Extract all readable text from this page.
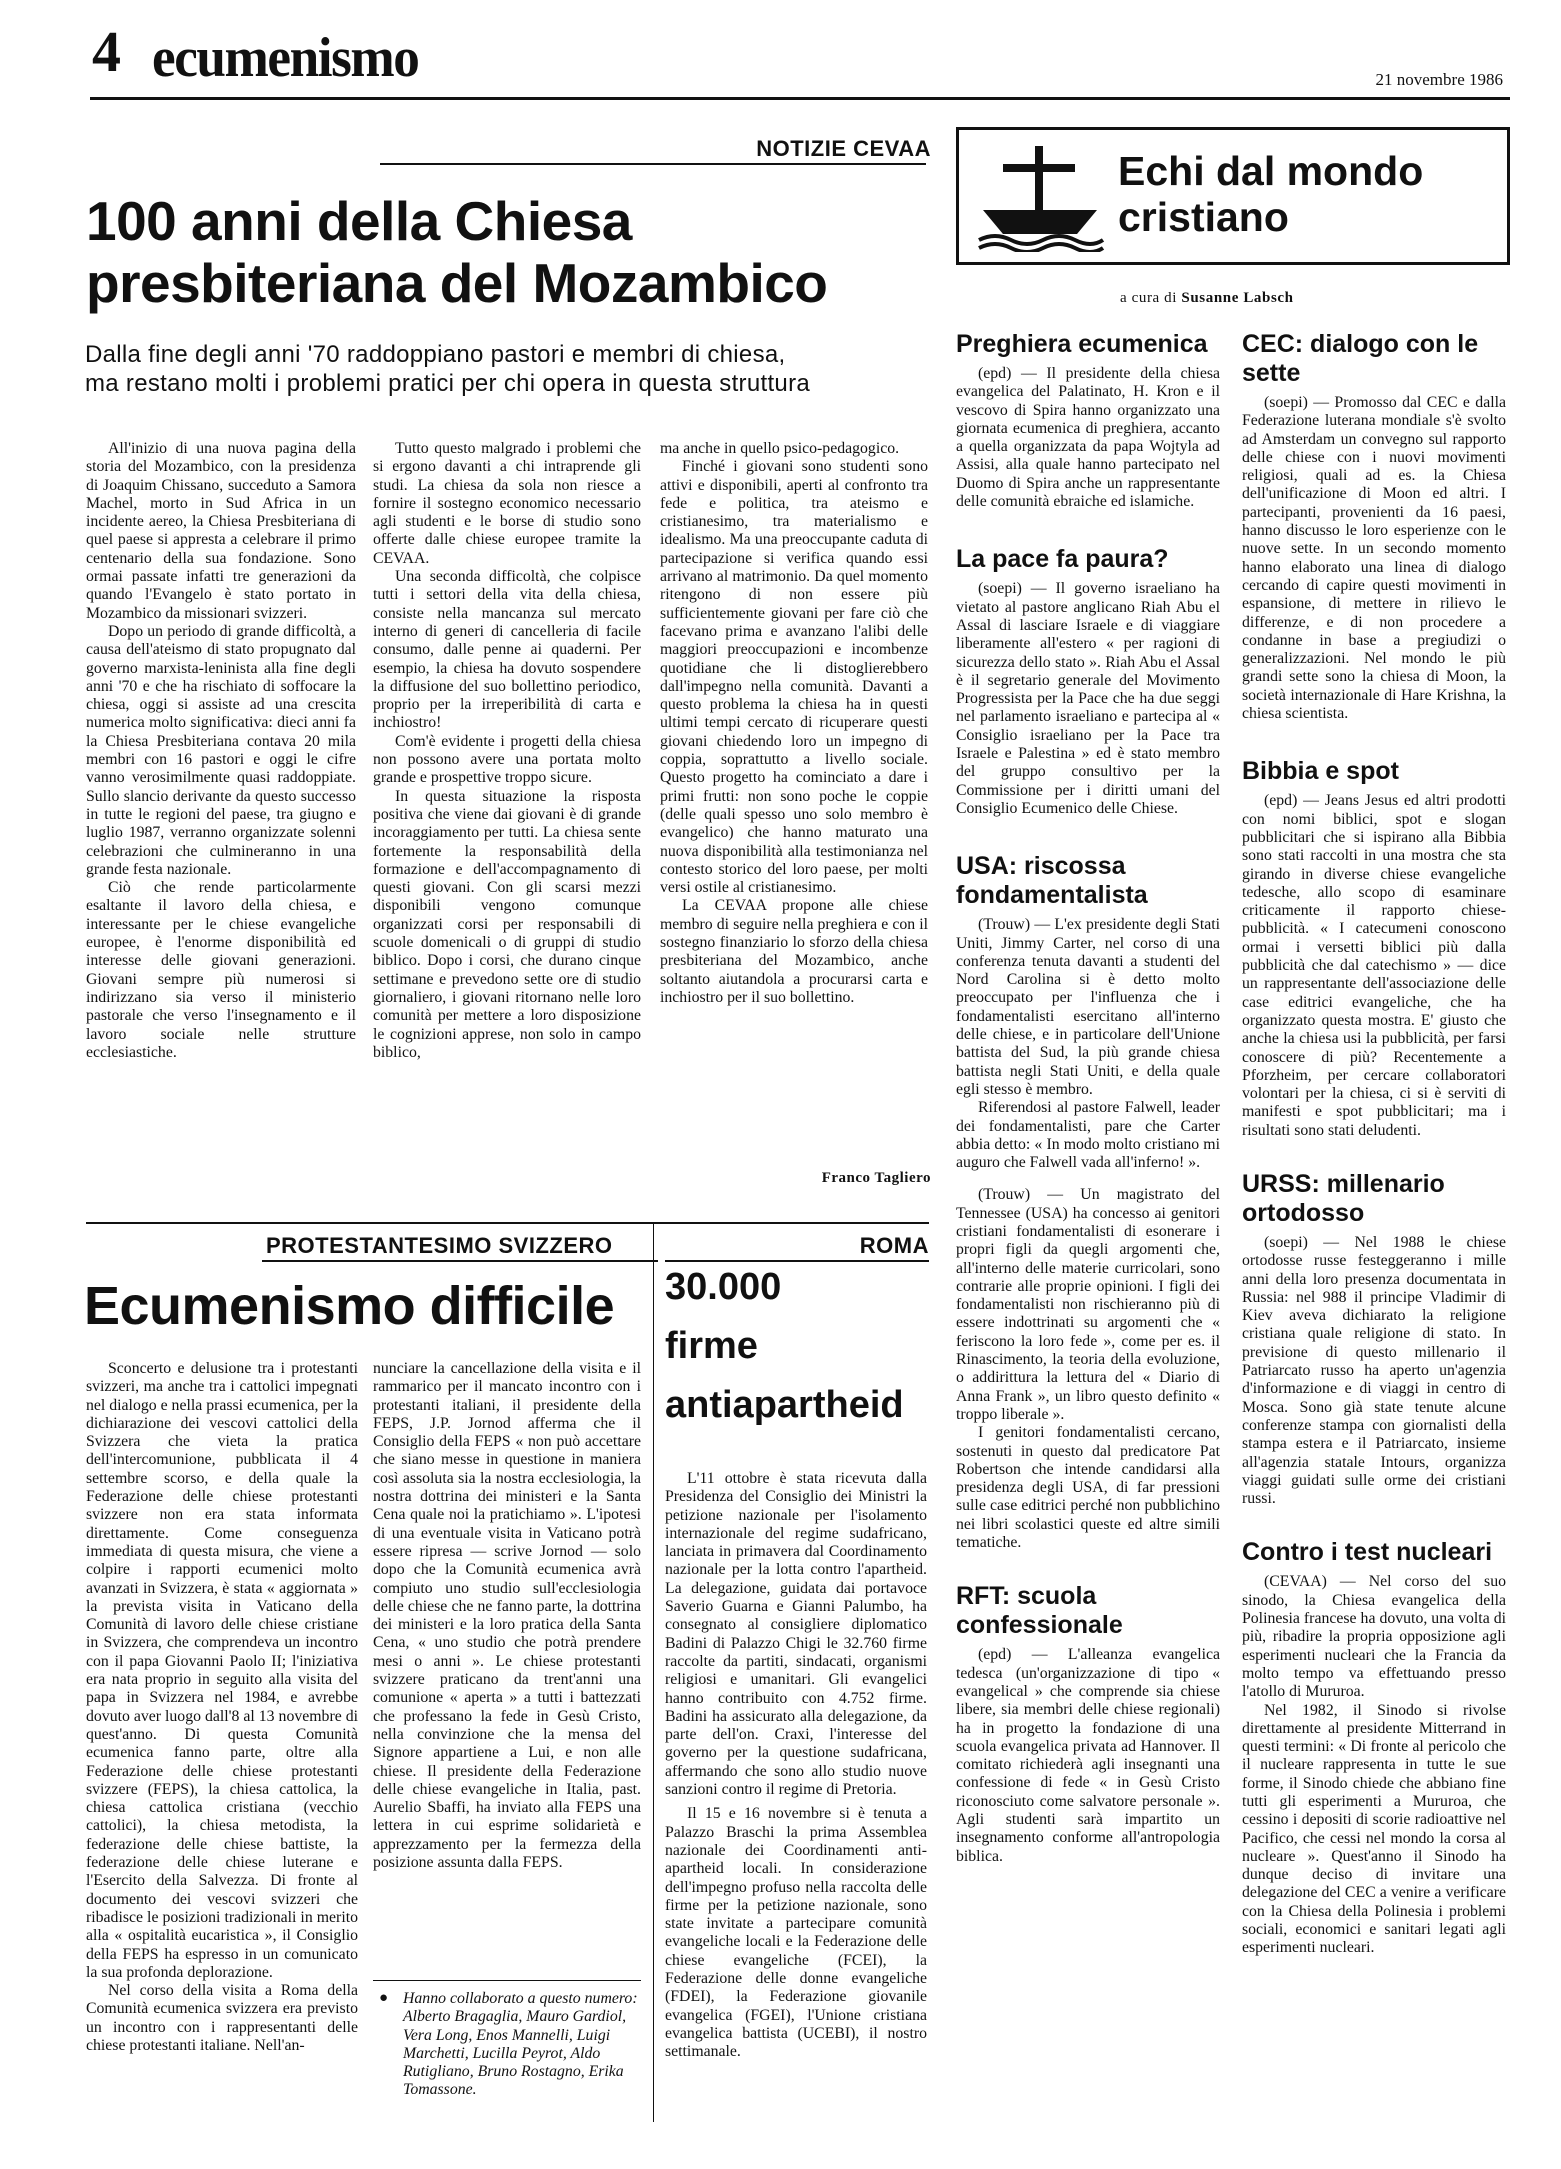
4 ecumenismo	21 novembre 1986
NOTIZIE CEVAA
100 anni della Chiesa
presbiteriana del Mozambico
Dalla fine degli anni '70 raddoppiano pastori e membri di chiesa,
ma restano molti i problemi pratici per chi opera in questa struttura

All'inizio di una nuova pagina della storia del Mozambico, con la presidenza di Joaquim Chissano, succeduto a Samora Machel, morto in Sud Africa in un incidente aereo, la Chiesa Presbiteriana di quel paese si appresta a celebrare il primo centenario della sua fondazione. Sono ormai passate infatti tre generazioni da quando l'Evangelo è stato portato in Mozambico da missionari svizzeri.

Dopo un periodo di grande difficoltà, a causa dell'ateismo di stato propugnato dal governo marxista-leninista alla fine degli anni '70 e che ha rischiato di soffocare la chiesa, oggi si assiste ad una crescita numerica molto significativa: dieci anni fa la Chiesa Presbiteriana contava 20 mila membri con 16 pastori e oggi le cifre vanno verosimilmente quasi raddoppiate. Sullo slancio derivante da questo successo in tutte le regioni del paese, tra giugno e luglio 1987, verranno organizzate solenni celebrazioni che culmineranno in una grande festa nazionale.

Ciò che rende particolarmente esaltante il lavoro della chiesa, e interessante per le chiese evangeliche europee, è l'enorme disponibilità ed interesse delle giovani generazioni. Giovani sempre più numerosi si indirizzano sia verso il ministerio pastorale che verso l'insegnamento e il lavoro sociale nelle strutture ecclesiastiche.

Tutto questo malgrado i problemi che si ergono davanti a chi intraprende gli studi. La chiesa da sola non riesce a fornire il sostegno economico necessario agli studenti e le borse di studio sono offerte dalle chiese europee tramite la CEVAA.

Una seconda difficoltà, che colpisce tutti i settori della vita della chiesa, consiste nella mancanza sul mercato interno di generi di cancelleria di facile consumo, dalle penne ai quaderni. Per esempio, la chiesa ha dovuto sospendere la diffusione del suo bollettino periodico, proprio per la irreperibilità di carta e inchiostro!

Com'è evidente i progetti della chiesa non possono avere una portata molto grande e prospettive troppo sicure.

In questa situazione la risposta positiva che viene dai giovani è di grande incoraggiamento per tutti. La chiesa sente fortemente la responsabilità della formazione e dell'accompagnamento di questi giovani. Con gli scarsi mezzi disponibili vengono comunque organizzati corsi per responsabili di scuole domenicali o di gruppi di studio biblico. Dopo i corsi, che durano cinque settimane e prevedono sette ore di studio giornaliero, i giovani ritornano nelle loro comunità per mettere a loro disposizione le cognizioni apprese, non solo in campo biblico,

ma anche in quello psico-pedagogico.

Finché i giovani sono studenti sono attivi e disponibili, aperti al confronto tra fede e politica, tra ateismo e cristianesimo, tra materialismo e idealismo. Ma una preoccupante caduta di partecipazione si verifica quando essi arrivano al matrimonio. Da quel momento ritengono di non essere più sufficientemente giovani per fare ciò che facevano prima e avanzano l'alibi delle maggiori preoccupazioni e incombenze quotidiane che li distoglierebbero dall'impegno nella comunità. Davanti a questo problema la chiesa ha in questi ultimi tempi cercato di ricuperare questi giovani chiedendo loro un impegno di coppia, soprattutto a livello sociale. Questo progetto ha cominciato a dare i primi frutti: non sono poche le coppie (delle quali spesso uno solo membro è evangelico) che hanno maturato una nuova disponibilità alla testimonianza nel contesto storico del loro paese, per molti versi ostile al cristianesimo.

La CEVAA propone alle chiese membro di seguire nella preghiera e con il sostegno finanziario lo sforzo della chiesa presbiteriana del Mozambico, anche soltanto aiutandola a procurarsi carta e inchiostro per il suo bollettino.

Franco Tagliero
PROTESTANTESIMO SVIZZERO
Ecumenismo difficile

Sconcerto e delusione tra i protestanti svizzeri, ma anche tra i cattolici impegnati nel dialogo e nella prassi ecumenica, per la dichiarazione dei vescovi cattolici della Svizzera che vieta la pratica dell'intercomunione, pubblicata il 4 settembre scorso, e della quale la Federazione delle chiese protestanti svizzere non era stata informata direttamente. Come conseguenza immediata di questa misura, che viene a colpire i rapporti ecumenici molto avanzati in Svizzera, è stata « aggiornata » la prevista visita in Vaticano della Comunità di lavoro delle chiese cristiane in Svizzera, che comprendeva un incontro con il papa Giovanni Paolo II; l'iniziativa era nata proprio in seguito alla visita del papa in Svizzera nel 1984, e avrebbe dovuto aver luogo dall'8 al 13 novembre di quest'anno. Di questa Comunità ecumenica fanno parte, oltre alla Federazione delle chiese protestanti svizzere (FEPS), la chiesa cattolica, la chiesa cattolica cristiana (vecchio cattolici), la chiesa metodista, la federazione delle chiese battiste, la federazione delle chiese luterane e l'Esercito della Salvezza. Di fronte al documento dei vescovi svizzeri che ribadisce le posizioni tradizionali in merito alla « ospitalità eucaristica », il Consiglio della FEPS ha espresso in un comunicato la sua profonda deplorazione.

Nel corso della visita a Roma della Comunità ecumenica svizzera era previsto un incontro con i rappresentanti delle chiese protestanti italiane. Nell'an-

nunciare la cancellazione della visita e il rammarico per il mancato incontro con i protestanti italiani, il presidente della FEPS, J.P. Jornod afferma che il Consiglio della FEPS « non può accettare che siano messe in questione in maniera così assoluta sia la nostra ecclesiologia, la nostra dottrina dei ministeri e la Santa Cena quale noi la pratichiamo ». L'ipotesi di una eventuale visita in Vaticano potrà essere ripresa — scrive Jornod — solo dopo che la Comunità ecumenica avrà compiuto uno studio sull'ecclesiologia delle chiese che ne fanno parte, la dottrina dei ministeri e la loro pratica della Santa Cena, « uno studio che potrà prendere mesi o anni ». Le chiese protestanti svizzere praticano da trent'anni una comunione « aperta » a tutti i battezzati che professano la fede in Gesù Cristo, nella convinzione che la mensa del Signore appartiene a Lui, e non alle chiese. Il presidente della Federazione delle chiese evangeliche in Italia, past. Aurelio Sbaffi, ha inviato alla FEPS una lettera in cui esprime solidarietà e apprezzamento per la fermezza della posizione assunta dalla FEPS.

● Hanno collaborato a questo numero: Alberto Bragaglia, Mauro Gardiol, Vera Long, Enos Mannelli, Luigi Marchetti, Lucilla Peyrot, Aldo Rutigliano, Bruno Rostagno, Erika Tomassone.
ROMA
30.000
firme
antiapartheid

L'11 ottobre è stata ricevuta dalla Presidenza del Consiglio dei Ministri la petizione nazionale per l'isolamento internazionale del regime sudafricano, lanciata in primavera dal Coordinamento nazionale per la lotta contro l'apartheid. La delegazione, guidata dai portavoce Saverio Guarna e Gianni Palumbo, ha consegnato al consigliere diplomatico Badini di Palazzo Chigi le 32.760 firme raccolte da partiti, sindacati, organismi religiosi e umanitari. Gli evangelici hanno contribuito con 4.752 firme. Badini ha assicurato alla delegazione, da parte dell'on. Craxi, l'interesse del governo per la questione sudafricana, affermando che sono allo studio nuove sanzioni contro il regime di Pretoria.

Il 15 e 16 novembre si è tenuta a Palazzo Braschi la prima Assemblea nazionale dei Coordinamenti anti-apartheid locali. In considerazione dell'impegno profuso nella raccolta delle firme per la petizione nazionale, sono state invitate a partecipare comunità evangeliche locali e la Federazione delle chiese evangeliche (FCEI), la Federazione delle donne evangeliche (FDEI), la Federazione giovanile evangelica (FGEI), l'Unione cristiana evangelica battista (UCEBI), il nostro settimanale.

Echi dal mondo
cristiano
a cura di Susanne Labsch
Preghiera ecumenica

(epd) — Il presidente della chiesa evangelica del Palatinato, H. Kron e il vescovo di Spira hanno organizzato una giornata ecumenica di preghiera, accanto a quella organizzata da papa Wojtyla ad Assisi, alla quale hanno partecipato nel Duomo di Spira anche un rappresentante delle comunità ebraiche ed islamiche.

La pace fa paura?

(soepi) — Il governo israeliano ha vietato al pastore anglicano Riah Abu el Assal di lasciare Israele e di viaggiare liberamente all'estero « per ragioni di sicurezza dello stato ». Riah Abu el Assal è il segretario generale del Movimento Progressista per la Pace che ha due seggi nel parlamento israeliano e partecipa al « Consiglio israeliano per la Pace tra Israele e Palestina » ed è stato membro del gruppo consultivo per la Commissione per i diritti umani del Consiglio Ecumenico delle Chiese.

USA: riscossa fondamentalista

(Trouw) — L'ex presidente degli Stati Uniti, Jimmy Carter, nel corso di una conferenza tenuta davanti a studenti del Nord Carolina si è detto molto preoccupato per l'influenza che i fondamentalisti esercitano all'interno delle chiese, e in particolare dell'Unione battista del Sud, la più grande chiesa battista negli Stati Uniti, e della quale egli stesso è membro.

Riferendosi al pastore Falwell, leader dei fondamentalisti, pare che Carter abbia detto: « In modo molto cristiano mi auguro che Falwell vada all'inferno! ».

(Trouw) — Un magistrato del Tennessee (USA) ha concesso ai genitori cristiani fondamentalisti di esonerare i propri figli da quegli argomenti che, all'interno delle materie curricolari, sono contrarie alle proprie opinioni. I figli dei fondamentalisti non rischieranno più di essere indottrinati su argomenti che « feriscono la loro fede », come per es. il Rinascimento, la teoria della evoluzione, o addirittura la lettura del « Diario di Anna Frank », un libro questo definito « troppo liberale ».

I genitori fondamentalisti cercano, sostenuti in questo dal predicatore Pat Robertson che intende candidarsi alla presidenza degli USA, di far pressioni sulle case editrici perché non pubblichino nei libri scolastici queste ed altre simili tematiche.

RFT: scuola confessionale

(epd) — L'alleanza evangelica tedesca (un'organizzazione di tipo « evangelical » che comprende sia chiese libere, sia membri delle chiese regionali) ha in progetto la fondazione di una scuola evangelica privata ad Hannover. Il comitato richiederà agli insegnanti una confessione di fede « in Gesù Cristo riconosciuto come salvatore personale ». Agli studenti sarà impartito un insegnamento conforme all'antropologia biblica.

CEC: dialogo con le sette

(soepi) — Promosso dal CEC e dalla Federazione luterana mondiale s'è svolto ad Amsterdam un convegno sul rapporto delle chiese con i nuovi movimenti religiosi, quali ad es. la Chiesa dell'unificazione di Moon ed altri. I partecipanti, provenienti da 16 paesi, hanno discusso le loro esperienze con le nuove sette. In un secondo momento hanno elaborato una linea di dialogo cercando di capire questi movimenti in espansione, di mettere in rilievo le differenze, e di non procedere a condanne in base a pregiudizi o generalizzazioni. Nel mondo le più grandi sette sono la chiesa di Moon, la società internazionale di Hare Krishna, la chiesa scientista.

Bibbia e spot

(epd) — Jeans Jesus ed altri prodotti con nomi biblici, spot e slogan pubblicitari che si ispirano alla Bibbia sono stati raccolti in una mostra che sta girando in diverse chiese evangeliche tedesche, allo scopo di esaminare criticamente il rapporto chiese-pubblicità. « I catecumeni conoscono ormai i versetti biblici più dalla pubblicità che dal catechismo » — dice un rappresentante dell'associazione delle case editrici evangeliche, che ha organizzato questa mostra. E' giusto che anche la chiesa usi la pubblicità, per farsi conoscere di più? Recentemente a Pforzheim, per cercare collaboratori volontari per la chiesa, ci si è serviti di manifesti e spot pubblicitari; ma i risultati sono stati deludenti.

URSS: millenario ortodosso

(soepi) — Nel 1988 le chiese ortodosse russe festeggeranno i mille anni della loro presenza documentata in Russia: nel 988 il principe Vladimir di Kiev aveva dichiarato la religione cristiana quale religione di stato. In previsione di questo millenario il Patriarcato russo ha aperto un'agenzia d'informazione e di viaggi in centro di Mosca. Sono già state tenute alcune conferenze stampa con giornalisti della stampa estera e il Patriarcato, insieme all'agenzia statale Intours, organizza viaggi guidati sulle orme dei cristiani russi.

Contro i test nucleari

(CEVAA) — Nel corso del suo sinodo, la Chiesa evangelica della Polinesia francese ha dovuto, una volta di più, ribadire la propria opposizione agli esperimenti nucleari che la Francia da molto tempo va effettuando presso l'atollo di Mururoa.

Nel 1982, il Sinodo si rivolse direttamente al presidente Mitterrand in questi termini: « Di fronte al pericolo che il nucleare rappresenta in tutte le sue forme, il Sinodo chiede che abbiano fine tutti gli esperimenti a Mururoa, che cessino i depositi di scorie radioattive nel Pacifico, che cessi nel mondo la corsa al nucleare ». Quest'anno il Sinodo ha dunque deciso di invitare una delegazione del CEC a venire a verificare con la Chiesa della Polinesia i problemi sociali, economici e sanitari legati agli esperimenti nucleari.
